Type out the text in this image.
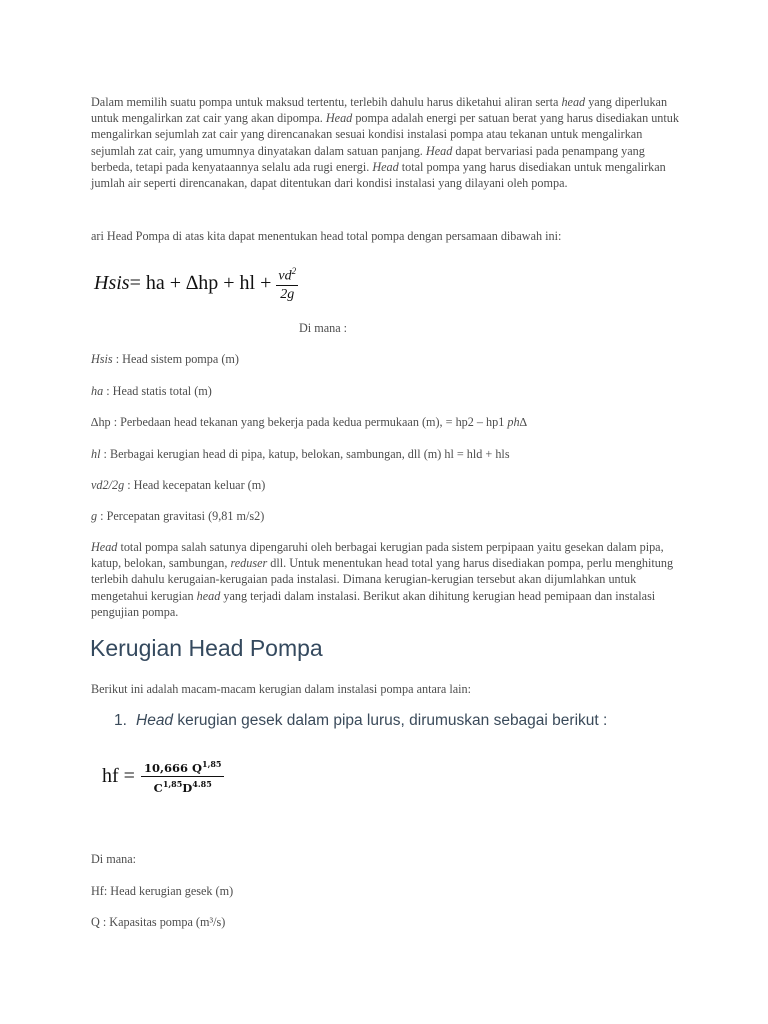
Dalam memilih suatu pompa untuk maksud tertentu, terlebih dahulu harus diketahui aliran serta head yang diperlukan untuk mengalirkan zat cair yang akan dipompa. Head pompa adalah energi per satuan berat yang harus disediakan untuk mengalirkan sejumlah zat cair yang direncanakan sesuai kondisi instalasi pompa atau tekanan untuk mengalirkan sejumlah zat cair, yang umumnya dinyatakan dalam satuan panjang. Head dapat bervariasi pada penampang yang berbeda, tetapi pada kenyataannya selalu ada rugi energi. Head total pompa yang harus disediakan untuk mengalirkan jumlah air seperti direncanakan, dapat ditentukan dari kondisi instalasi yang dilayani oleh pompa.
ari Head Pompa di atas kita dapat menentukan head total pompa dengan persamaan dibawah ini:
Hsis = ha + ∆hp + hl + $\frac{vd^2}{2g}$
Di mana :
Hsis : Head sistem pompa (m)
ha : Head statis total (m)
∆hp : Perbedaan head tekanan yang bekerja pada kedua permukaan (m), = hp2 – hp1 ph∆
hl : Berbagai kerugian head di pipa, katup, belokan, sambungan, dll (m) hl = hld + hls
vd2/2g : Head kecepatan keluar (m)
g : Percepatan gravitasi (9,81 m/s2)
Head total pompa salah satunya dipengaruhi oleh berbagai kerugian pada sistem perpipaan yaitu gesekan dalam pipa, katup, belokan, sambungan, reduser dll. Untuk menentukan head total yang harus disediakan pompa, perlu menghitung terlebih dahulu kerugaian-kerugaian pada instalasi. Dimana kerugian-kerugian tersebut akan dijumlahkan untuk mengetahui kerugian head yang terjadi dalam instalasi. Berikut akan dihitung kerugian head pemipaan dan instalasi pengujian pompa.
Kerugian Head Pompa
Berikut ini adalah macam-macam kerugian dalam instalasi pompa antara lain:
1. Head kerugian gesek dalam pipa lurus, dirumuskan sebagai berikut :
hf = $\frac{10,666 Q^{1,85}}{C^{1,85}D^{4.85}}$
Di mana:
Hf: Head kerugian gesek (m)
Q : Kapasitas pompa (m³/s)
